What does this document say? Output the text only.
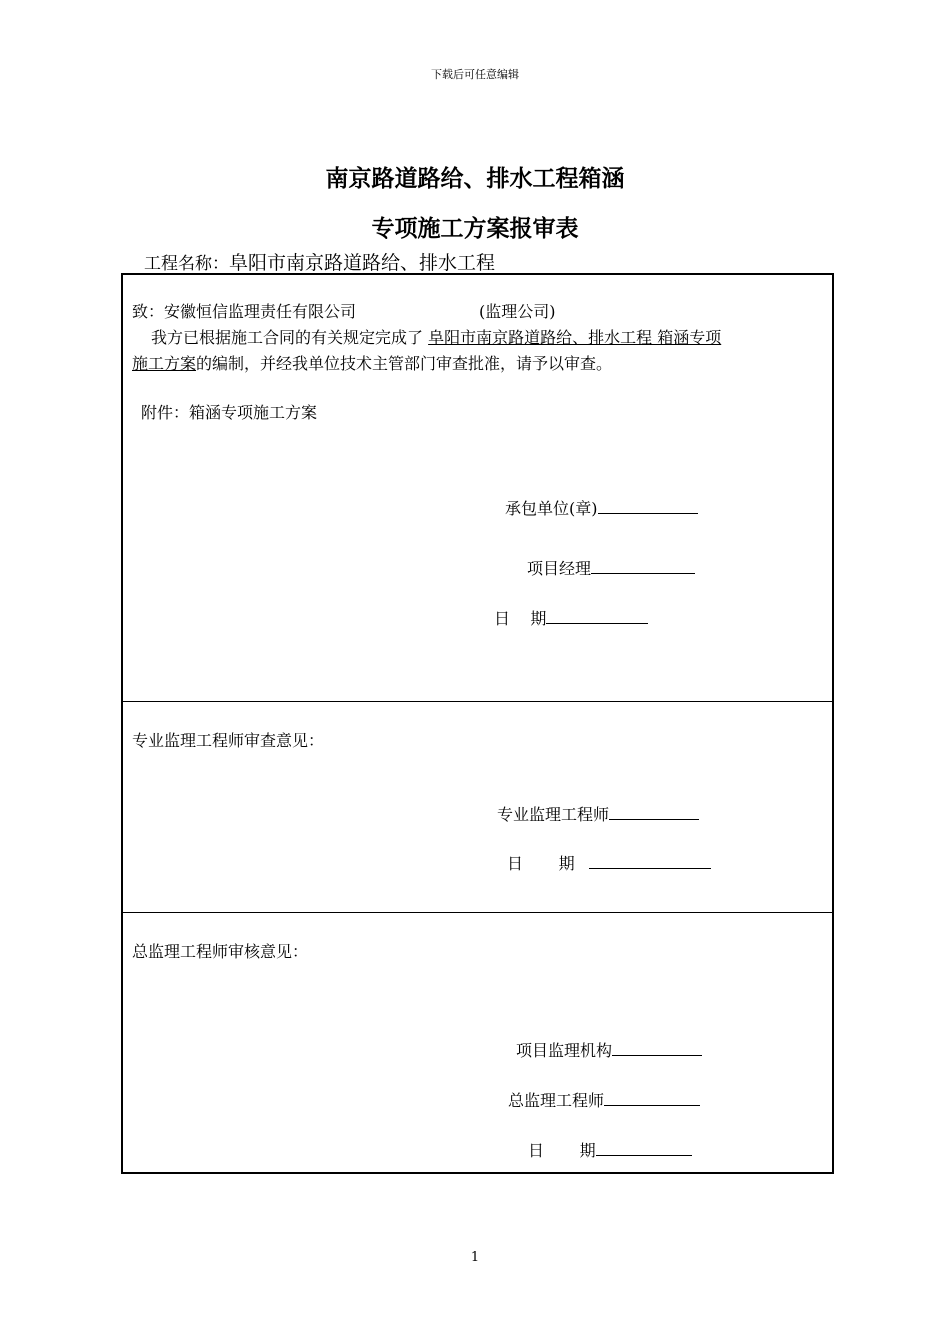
下载后可任意编辑
南京路道路给、排水工程箱涵
专项施工方案报审表
工程名称：阜阳市南京路道路给、排水工程
致：安徽恒信监理责任有限公司	(监理公司)
我方已根据施工合同的有关规定完成了 阜阳市南京路道路给、排水工程 箱涵专项
施工方案的编制，并经我单位技术主管部门审查批准，请予以审查。
附件：箱涵专项施工方案
承包单位(章)
项目经理
日    期
专业监理工程师审查意见：
专业监理工程师
日       期
总监理工程师审核意见：
项目监理机构
总监理工程师
日       期
1
